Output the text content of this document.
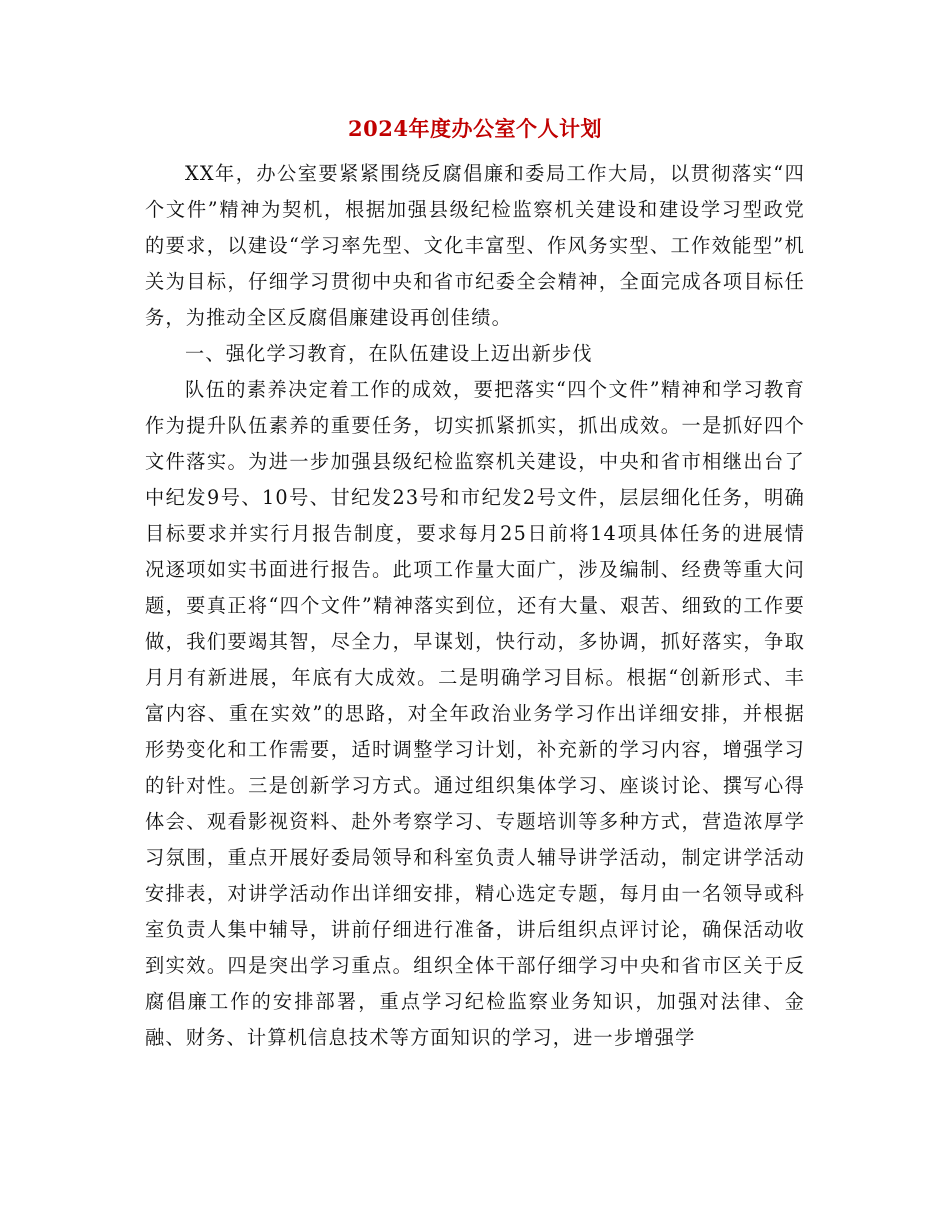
2024年度办公室个人计划

XX年，办公室要紧紧围绕反腐倡廉和委局工作大局，以贯彻落实“四个文件”精神为契机，根据加强县级纪检监察机关建设和建设学习型政党的要求，以建设“学习率先型、文化丰富型、作风务实型、工作效能型”机关为目标，仔细学习贯彻中央和省市纪委全会精神，全面完成各项目标任务，为推动全区反腐倡廉建设再创佳绩。

一、强化学习教育，在队伍建设上迈出新步伐

队伍的素养决定着工作的成效，要把落实“四个文件”精神和学习教育作为提升队伍素养的重要任务，切实抓紧抓实，抓出成效。一是抓好四个文件落实。为进一步加强县级纪检监察机关建设，中央和省市相继出台了中纪发9号、10号、甘纪发23号和市纪发2号文件，层层细化任务，明确目标要求并实行月报告制度，要求每月25日前将14项具体任务的进展情况逐项如实书面进行报告。此项工作量大面广，涉及编制、经费等重大问题，要真正将“四个文件”精神落实到位，还有大量、艰苦、细致的工作要做，我们要竭其智，尽全力，早谋划，快行动，多协调，抓好落实，争取月月有新进展，年底有大成效。二是明确学习目标。根据“创新形式、丰富内容、重在实效”的思路，对全年政治业务学习作出详细安排，并根据形势变化和工作需要，适时调整学习计划，补充新的学习内容，增强学习的针对性。三是创新学习方式。通过组织集体学习、座谈讨论、撰写心得体会、观看影视资料、赴外考察学习、专题培训等多种方式，营造浓厚学习氛围，重点开展好委局领导和科室负责人辅导讲学活动，制定讲学活动安排表，对讲学活动作出详细安排，精心选定专题，每月由一名领导或科室负责人集中辅导，讲前仔细进行准备，讲后组织点评讨论，确保活动收到实效。四是突出学习重点。组织全体干部仔细学习中央和省市区关于反腐倡廉工作的安排部署，重点学习纪检监察业务知识，加强对法律、金融、财务、计算机信息技术等方面知识的学习，进一步增强学
